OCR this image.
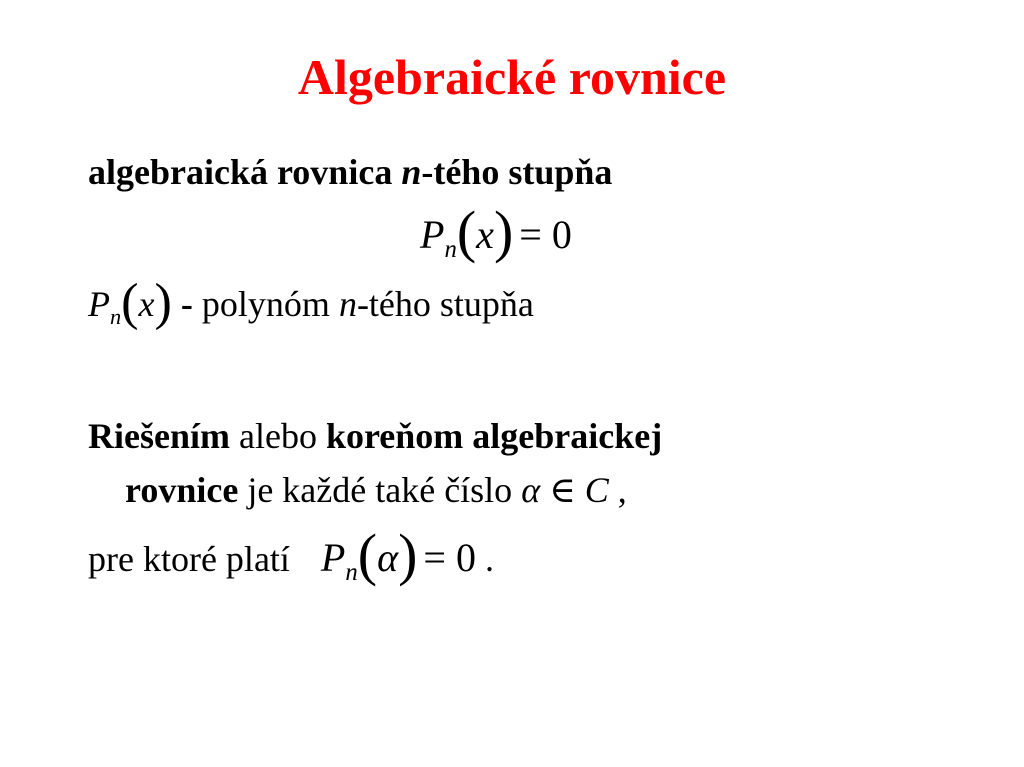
Algebraické rovnice
algebraická rovnica n-tého stupňa
$P_n(x) = 0$
$P_n(x)$ - polynóm n-tého stupňa
Riešením alebo koreňom algebraickej
rovnice je každé také číslo α ∈ C ,
pre ktoré platí $P_n(\alpha) = 0$ .
